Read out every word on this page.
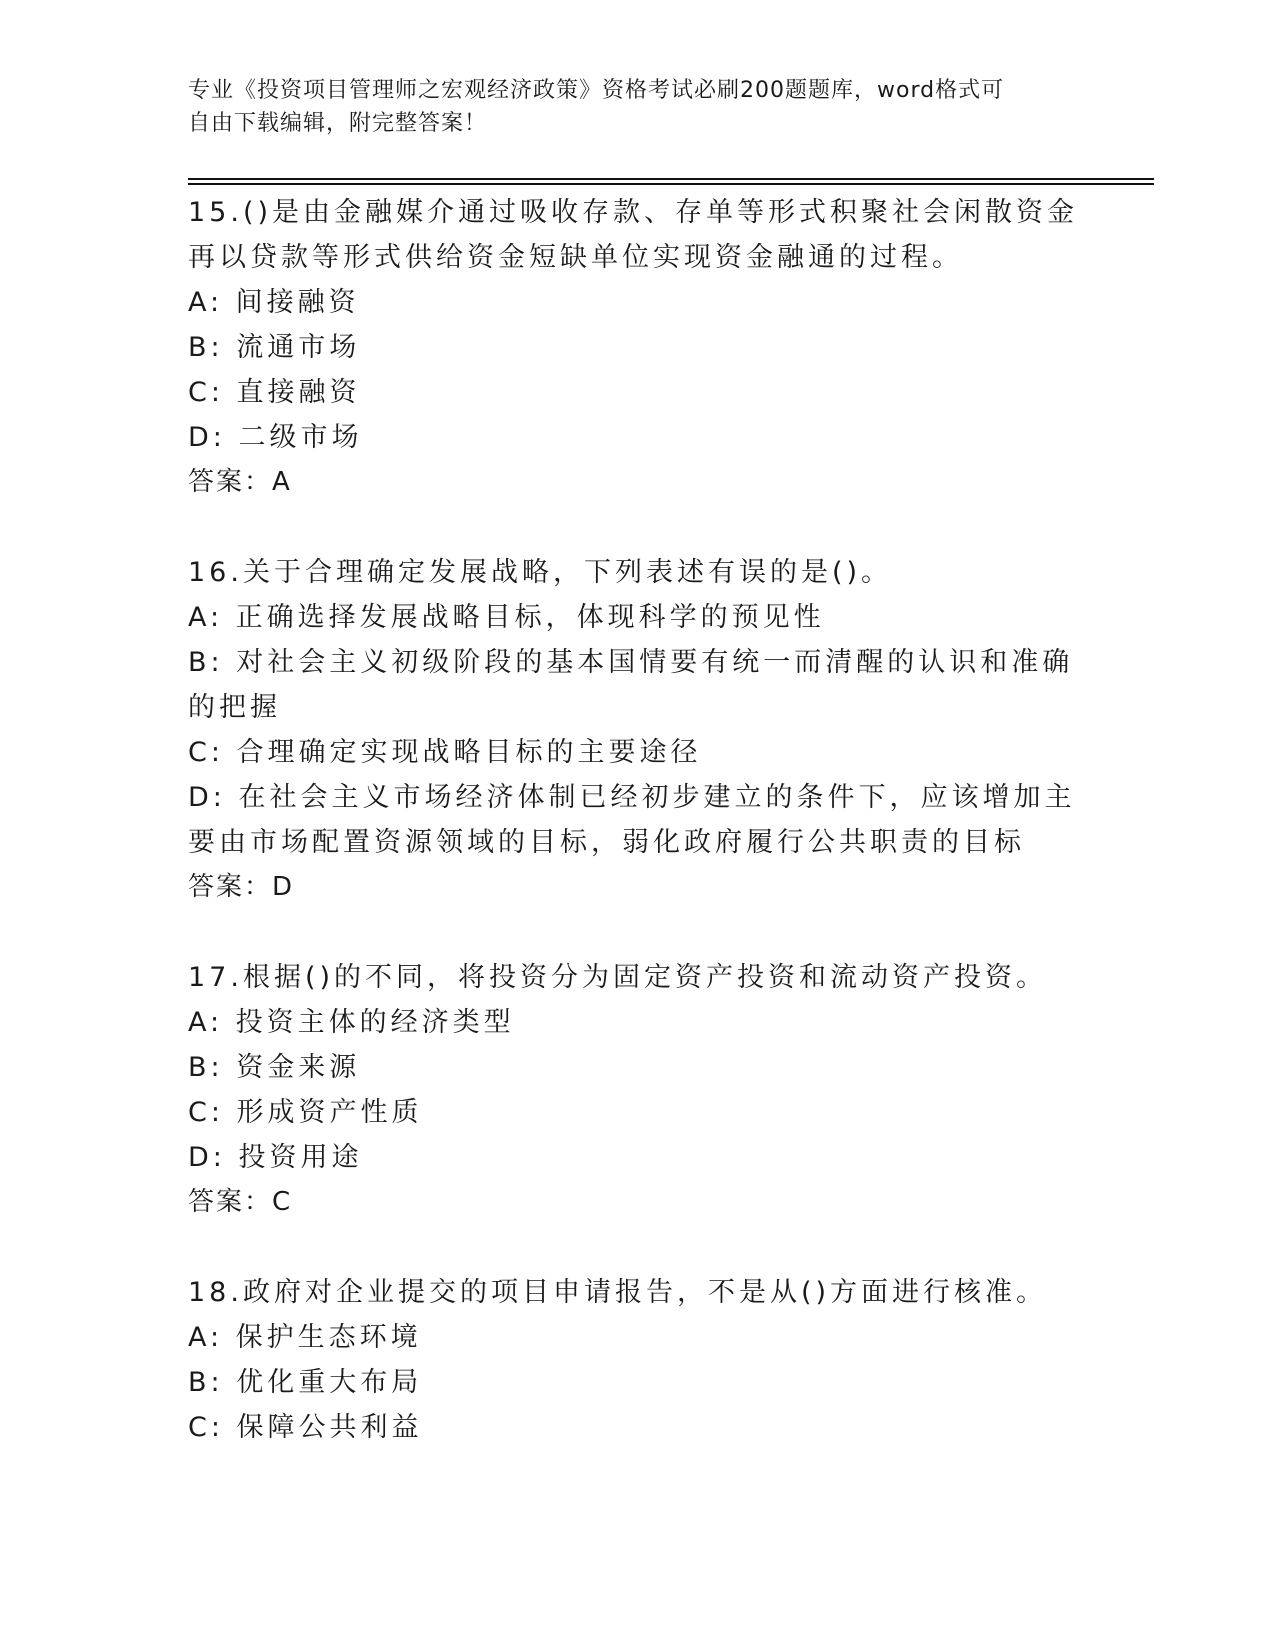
专业《投资项目管理师之宏观经济政策》资格考试必刷200题题库，word格式可
自由下载编辑，附完整答案！

15.()是由金融媒介通过吸收存款、存单等形式积聚社会闲散资金再以贷款等形式供给资金短缺单位实现资金融通的过程。

A: 间接融资

B: 流通市场

C: 直接融资

D: 二级市场

答案：A

16.关于合理确定发展战略，下列表述有误的是()。

A: 正确选择发展战略目标，体现科学的预见性

B: 对社会主义初级阶段的基本国情要有统一而清醒的认识和准确的把握

C: 合理确定实现战略目标的主要途径

D: 在社会主义市场经济体制已经初步建立的条件下，应该增加主要由市场配置资源领域的目标，弱化政府履行公共职责的目标

答案：D

17.根据()的不同，将投资分为固定资产投资和流动资产投资。

A: 投资主体的经济类型

B: 资金来源

C: 形成资产性质

D: 投资用途

答案：C

18.政府对企业提交的项目申请报告，不是从()方面进行核准。

A: 保护生态环境

B: 优化重大布局

C: 保障公共利益
